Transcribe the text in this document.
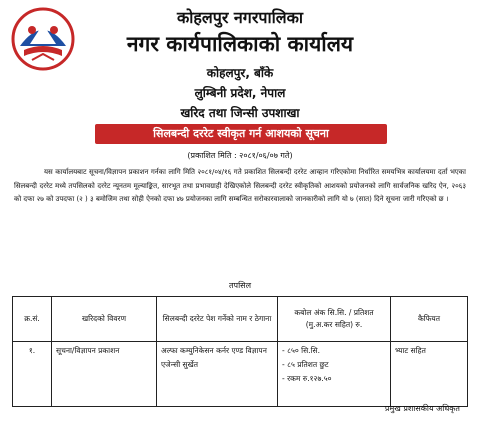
कोहलपुर नगरपालिका
नगर कार्यपालिकाको कार्यालय
कोहलपुर, बाँके
लुम्बिनी प्रदेश, नेपाल
खरिद तथा जिन्सी उपशाखा
सिलबन्दी दररेट स्वीकृत गर्न आशयको सूचना
(प्रकाशित मिति : २०८१/०६/०७ गते)
यस कार्यालयबाट सूचना/विज्ञापन प्रकाशन गर्नका लागि मिति २०८१/०४/१६ गते प्रकाशित सिलबन्दी दररेट आव्हान गरिएकोमा निर्धारित समयभित्र कार्यालयमा दर्ता भएका सिलबन्दी दररेट मध्ये तपसिलको दररेट न्यूनतम मूल्याङ्कित, सारभूत तथा प्रभावग्राही देखिएकोले सिलबन्दी दररेट स्वीकृतिको आशयको प्रयोजनको लागि सार्वजनिक खरिद ऐन, २०६३ को दफा २७ को उपदफा (२ ) ३ बमोजिम तथा सोही ऐनको दफा ४७ प्रयोजनका लागि सम्बन्धित सरोकारवालाको जानकारीको लागि यो ७ (सात) दिने सूचना जारी गरिएको छ ।
तपसिल
क्र.सं.	खरिदको विवरण	सिलबन्दी दररेट पेश गर्नेको नाम र ठेगाना	कबोल अंक सि.सि. / प्रतिशत (मु.अ.कर सहित) रु.	कैफियत
१.	सूचना/विज्ञापन प्रकाशन	अल्फा कम्युनिकेसन कर्नर एण्ड विज्ञापन एजेन्सी सुर्खेत	- ८५० सि.सि.
- ८५ प्रतिशत छुट
- रकम रु.१२७.५०	भ्याट सहित
प्रमुख प्रशासकीय अधिकृत
